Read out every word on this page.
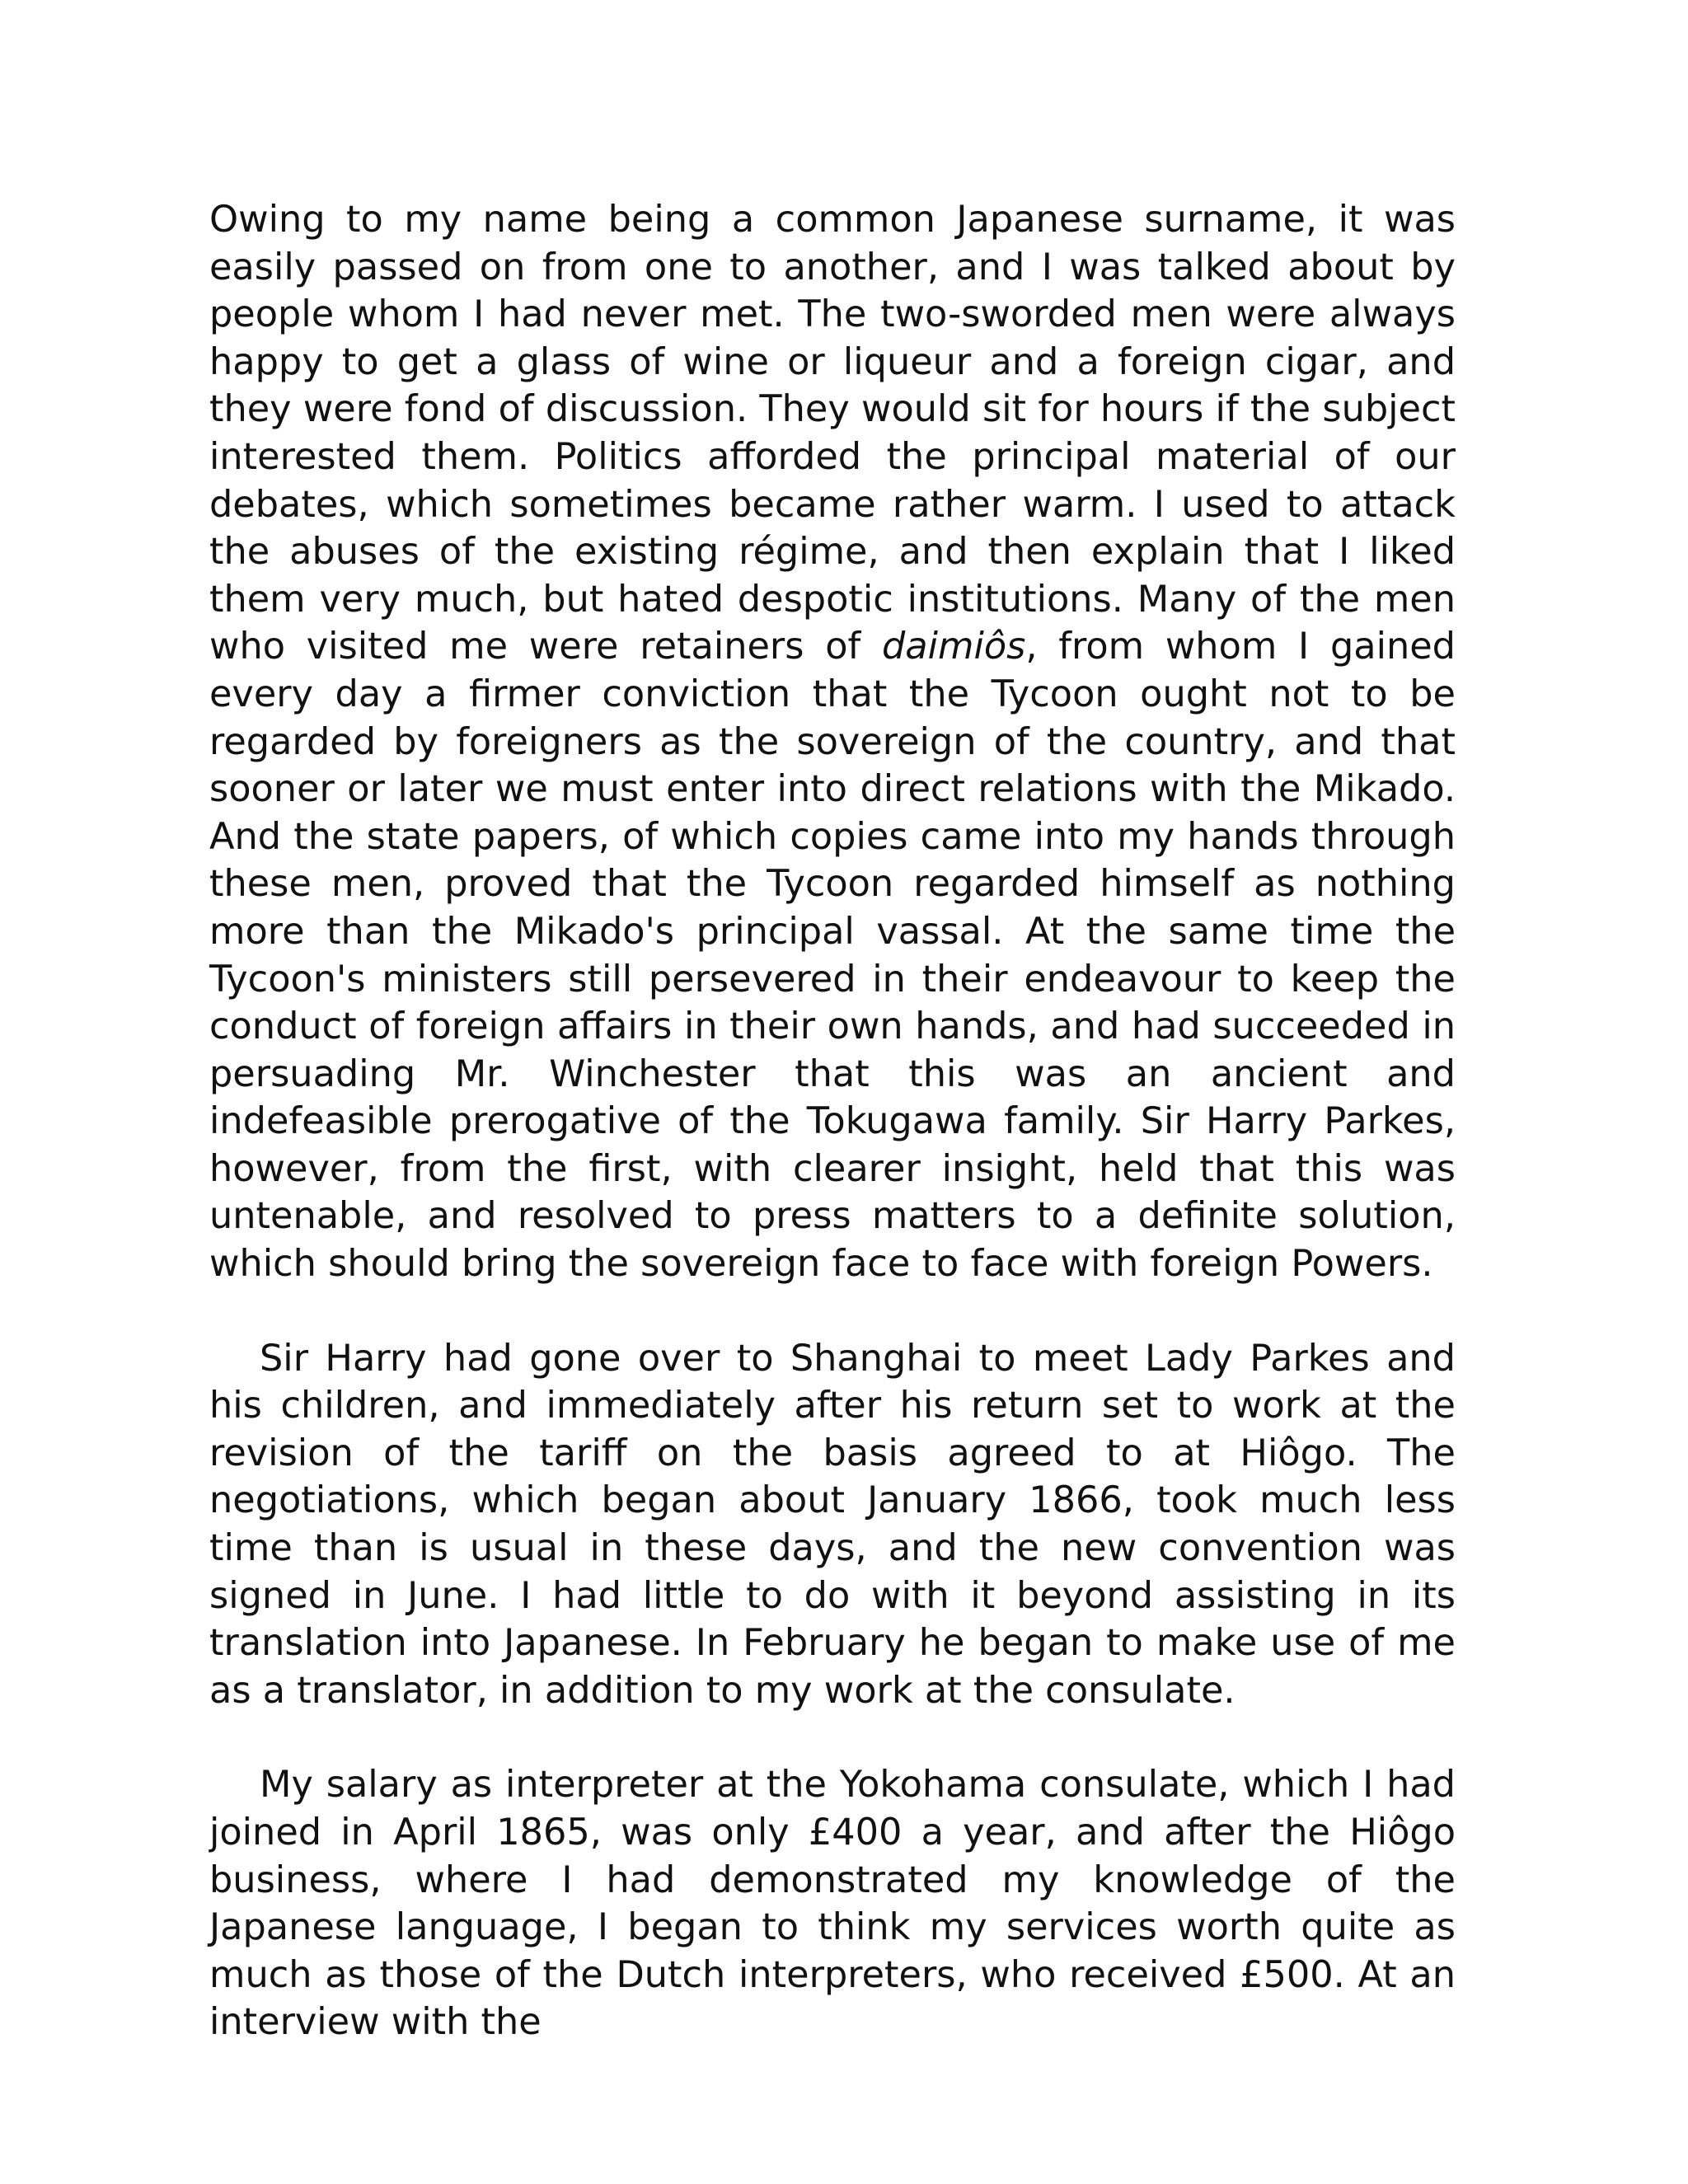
Owing to my name being a common Japanese surname, it was easily passed on from one to another, and I was talked about by people whom I had never met. The two-sworded men were always happy to get a glass of wine or liqueur and a foreign cigar, and they were fond of discussion. They would sit for hours if the subject interested them. Politics afforded the principal material of our debates, which sometimes became rather warm. I used to attack the abuses of the existing régime, and then explain that I liked them very much, but hated despotic institutions. Many of the men who visited me were retainers of daimiôs, from whom I gained every day a firmer conviction that the Tycoon ought not to be regarded by foreigners as the sovereign of the country, and that sooner or later we must enter into direct relations with the Mikado. And the state papers, of which copies came into my hands through these men, proved that the Tycoon regarded himself as nothing more than the Mikado's principal vassal. At the same time the Tycoon's ministers still persevered in their endeavour to keep the conduct of foreign affairs in their own hands, and had succeeded in persuading Mr. Winchester that this was an ancient and indefeasible prerogative of the Tokugawa family. Sir Harry Parkes, however, from the first, with clearer insight, held that this was untenable, and resolved to press matters to a definite solution, which should bring the sovereign face to face with foreign Powers.

Sir Harry had gone over to Shanghai to meet Lady Parkes and his children, and immediately after his return set to work at the revision of the tariff on the basis agreed to at Hiôgo. The negotiations, which began about January 1866, took much less time than is usual in these days, and the new convention was signed in June. I had little to do with it beyond assisting in its translation into Japanese. In February he began to make use of me as a translator, in addition to my work at the consulate.

My salary as interpreter at the Yokohama consulate, which I had joined in April 1865, was only £400 a year, and after the Hiôgo business, where I had demonstrated my knowledge of the Japanese language, I began to think my services worth quite as much as those of the Dutch interpreters, who received £500. At an interview with the
